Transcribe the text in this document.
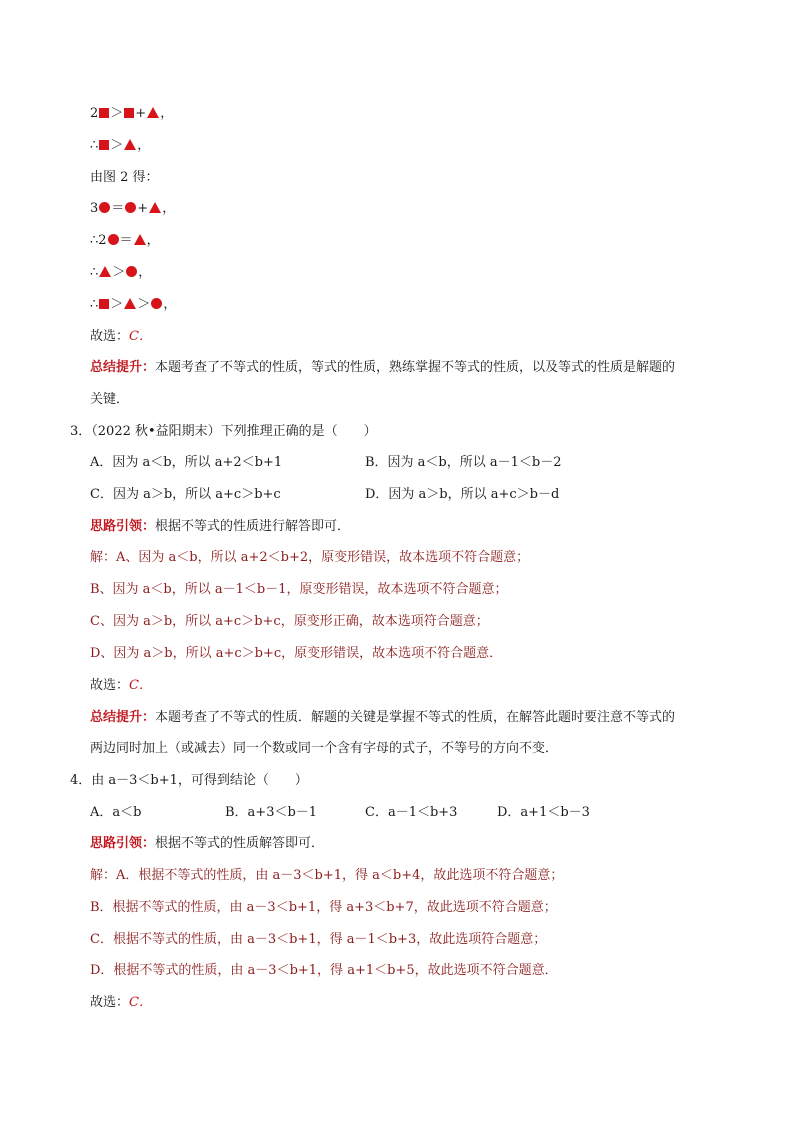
2 ＞ + ，
∴ ＞ ，
由图 2 得：
3 ＝ + ，
∴2 ＝ ，
∴ ＞ ，
∴ ＞ ＞ ，
故选：C．
总结提升：本题考查了不等式的性质，等式的性质，熟练掌握不等式的性质，以及等式的性质是解题的
关键．
3．（2022 秋•益阳期末）下列推理正确的是（　　）
A．因为 a＜b，所以 a+2＜b+1	B．因为 a＜b，所以 a－1＜b－2
C．因为 a＞b，所以 a+c＞b+c	D．因为 a＞b，所以 a+c＞b－d
思路引领：根据不等式的性质进行解答即可．
解：A、因为 a＜b，所以 a+2＜b+2，原变形错误，故本选项不符合题意；
B、因为 a＜b，所以 a－1＜b－1，原变形错误，故本选项不符合题意；
C、因为 a＞b，所以 a+c＞b+c，原变形正确，故本选项符合题意；
D、因为 a＞b，所以 a+c＞b+c，原变形错误，故本选项不符合题意．
故选：C．
总结提升：本题考查了不等式的性质．解题的关键是掌握不等式的性质，在解答此题时要注意不等式的
两边同时加上（或减去）同一个数或同一个含有字母的式子，不等号的方向不变．
4．由 a－3＜b+1，可得到结论（　　）
A．a＜b	B．a+3＜b－1	C．a－1＜b+3	D．a+1＜b－3
思路引领：根据不等式的性质解答即可．
解：A．根据不等式的性质，由 a－3＜b+1，得 a＜b+4，故此选项不符合题意；
B．根据不等式的性质，由 a－3＜b+1，得 a+3＜b+7，故此选项不符合题意；
C．根据不等式的性质，由 a－3＜b+1，得 a－1＜b+3，故此选项符合题意；
D．根据不等式的性质，由 a－3＜b+1，得 a+1＜b+5，故此选项不符合题意．
故选：C．
